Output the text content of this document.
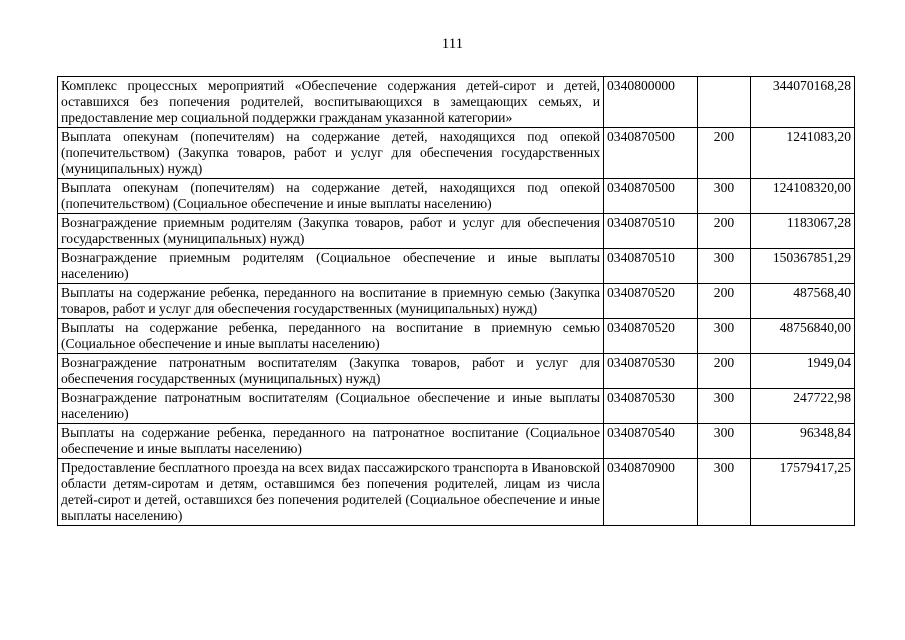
111
Комплекс процессных мероприятий «Обеспечение содержания детей-сирот и детей, оставшихся без попечения родителей, воспитывающихся в замещающих семьях, и предоставление мер социальной поддержки гражданам указанной категории»	0340800000		344070168,28
Выплата опекунам (попечителям) на содержание детей, находящихся под опекой (попечительством) (Закупка товаров, работ и услуг для обеспечения государственных (муниципальных) нужд)	0340870500	200	1241083,20
Выплата опекунам (попечителям) на содержание детей, находящихся под опекой (попечительством) (Социальное обеспечение и иные выплаты населению)	0340870500	300	124108320,00
Вознаграждение приемным родителям (Закупка товаров, работ и услуг для обеспечения государственных (муниципальных) нужд)	0340870510	200	1183067,28
Вознаграждение приемным родителям (Социальное обеспечение и иные выплаты населению)	0340870510	300	150367851,29
Выплаты на содержание ребенка, переданного на воспитание в приемную семью (Закупка товаров, работ и услуг для обеспечения государственных (муниципальных) нужд)	0340870520	200	487568,40
Выплаты на содержание ребенка, переданного на воспитание в приемную семью (Социальное обеспечение и иные выплаты населению)	0340870520	300	48756840,00
Вознаграждение патронатным воспитателям (Закупка товаров, работ и услуг для обеспечения государственных (муниципальных) нужд)	0340870530	200	1949,04
Вознаграждение патронатным воспитателям (Социальное обеспечение и иные выплаты населению)	0340870530	300	247722,98
Выплаты на содержание ребенка, переданного на патронатное воспитание (Социальное обеспечение и иные выплаты населению)	0340870540	300	96348,84
Предоставление бесплатного проезда на всех видах пассажирского транспорта в Ивановской области детям-сиротам и детям, оставшимся без попечения родителей, лицам из числа детей-сирот и детей, оставшихся без попечения родителей (Социальное обеспечение и иные выплаты населению)	0340870900	300	17579417,25
